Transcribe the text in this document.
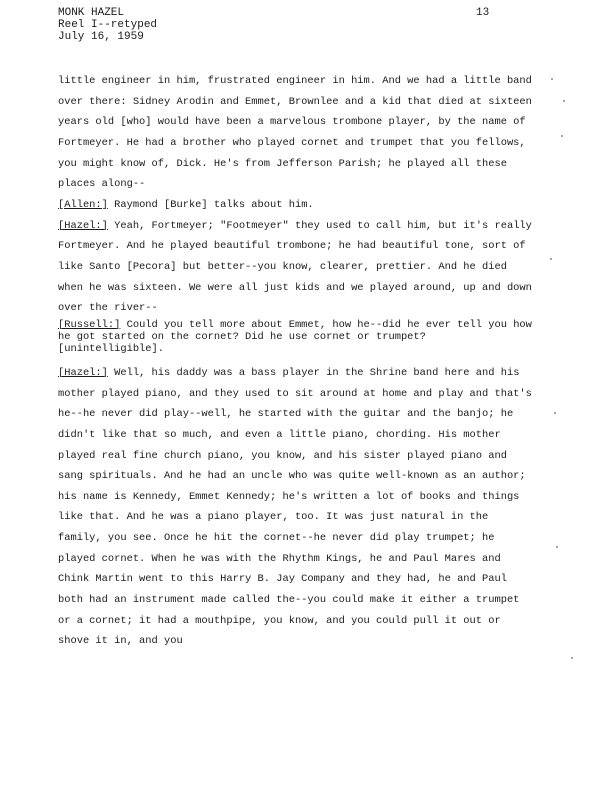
MONK HAZEL
Reel I--retyped
July 16, 1959
13

little engineer in him, frustrated engineer in him. And we had a little band over there: Sidney Arodin and Emmet, Brownlee and a kid that died at sixteen years old [who] would have been a marvelous trombone player, by the name of Fortmeyer. He had a brother who played cornet and trumpet that you fellows, you might know of, Dick. He's from Jefferson Parish; he played all these places along--

[Allen:] Raymond [Burke] talks about him.

[Hazel:] Yeah, Fortmeyer; "Footmeyer" they used to call him, but it's really Fortmeyer. And he played beautiful trombone; he had beautiful tone, sort of like Santo [Pecora] but better--you know, clearer, prettier. And he died when he was sixteen. We were all just kids and we played around, up and down over the river--

[Russell:] Could you tell more about Emmet, how he--did he ever tell you how he got started on the cornet? Did he use cornet or trumpet?
[unintelligible].

[Hazel:] Well, his daddy was a bass player in the Shrine band here and his mother played piano, and they used to sit around at home and play and that's he--he never did play--well, he started with the guitar and the banjo; he didn't like that so much, and even a little piano, chording. His mother played real fine church piano, you know, and his sister played piano and sang spirituals. And he had an uncle who was quite well-known as an author; his name is Kennedy, Emmet Kennedy; he's written a lot of books and things like that. And he was a piano player, too. It was just natural in the family, you see. Once he hit the cornet--he never did play trumpet; he played cornet. When he was with the Rhythm Kings, he and Paul Mares and Chink Martin went to this Harry B. Jay Company and they had, he and Paul both had an instrument made called the--you could make it either a trumpet or a cornet; it had a mouthpipe, you know, and you could pull it out or shove it in, and you
